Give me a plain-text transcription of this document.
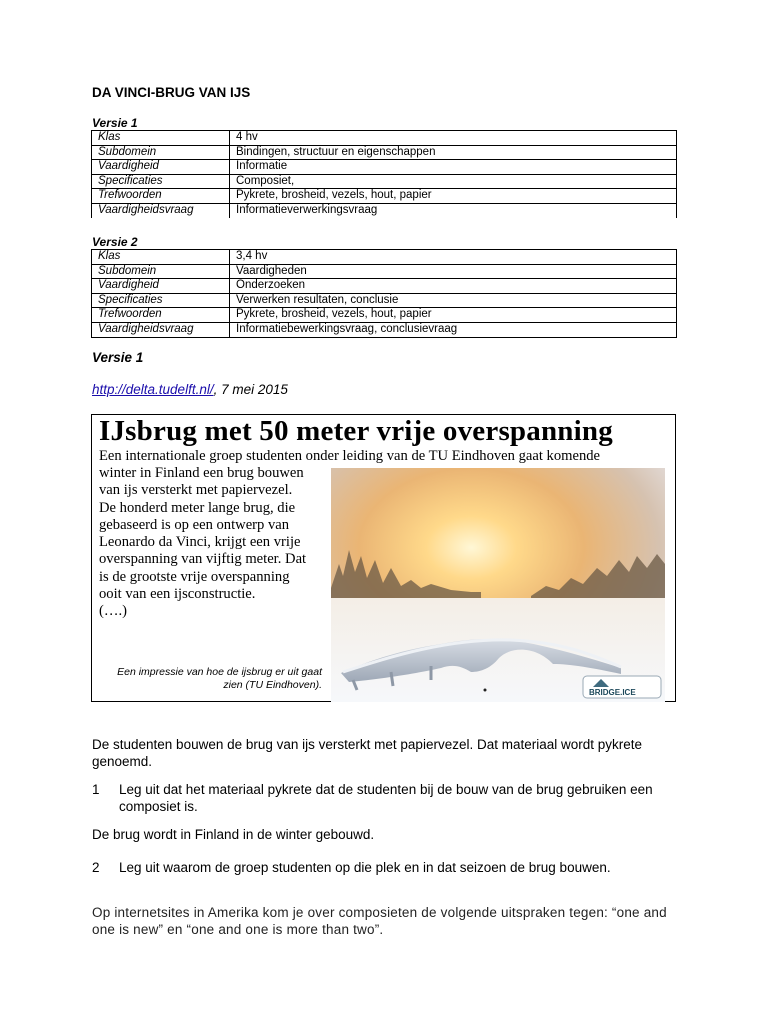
DA VINCI-BRUG VAN IJS
Versie 1
Klas	4 hv
Subdomein	Bindingen, structuur en eigenschappen
Vaardigheid	Informatie
Specificaties	Composiet,
Trefwoorden	Pykrete, brosheid, vezels, hout, papier
Vaardigheidsvraag	Informatieverwerkingsvraag
Versie 2
Klas	3,4 hv
Subdomein	Vaardigheden
Vaardigheid	Onderzoeken
Specificaties	Verwerken resultaten, conclusie
Trefwoorden	Pykrete, brosheid, vezels, hout, papier
Vaardigheidsvraag	Informatiebewerkingsvraag, conclusievraag
Versie 1
http://delta.tudelft.nl/, 7 mei 2015
IJsbrug met 50 meter vrije overspanning
Een internationale groep studenten onder leiding van de TU Eindhoven gaat komende
winter in Finland een brug bouwen
van ijs versterkt met papiervezel.
De honderd meter lange brug, die
gebaseerd is op een ontwerp van
Leonardo da Vinci, krijgt een vrije
overspanning van vijftig meter. Dat
is de grootste vrije overspanning
ooit van een ijsconstructie.
(….)
Een impressie van hoe de ijsbrug er uit gaat zien (TU Eindhoven).
BRIDGE.ICE
De studenten bouwen de brug van ijs versterkt met papiervezel. Dat materiaal wordt pykrete genoemd.
1 Leg uit dat het materiaal pykrete dat de studenten bij de bouw van de brug gebruiken een composiet is.
De brug wordt in Finland in de winter gebouwd.
2 Leg uit waarom de groep studenten op die plek en in dat seizoen de brug bouwen.
Op internetsites in Amerika kom je over composieten de volgende uitspraken tegen: “one and one is new” en “one and one is more than two”.
